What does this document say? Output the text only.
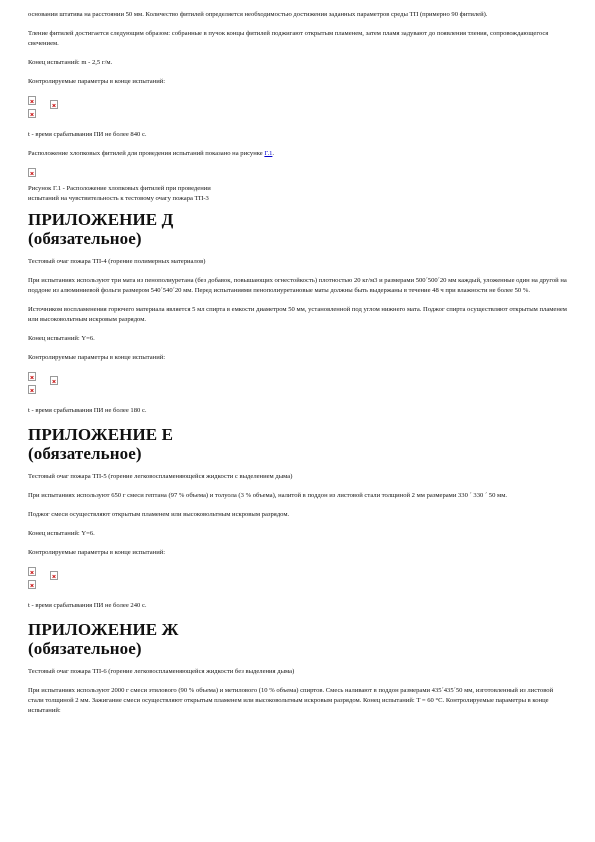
основании штатива на расстоянии 50 мм. Количество фитилей определяется необходимостью достижения заданных параметров среды ТП (примерно 90 фитилей).

Тление фитилей достигается следующим образом: собранные в пучок концы фитилей поджигают открытым пламенем, затем пламя задувают до появления тления, сопровождающегося свечением.

Конец испытаний: m - 2,5 г/м.

Контролируемые параметры в конце испытаний:

t - время срабатывания ПИ не более 840 с.

Расположение хлопковых фитилей для проведения испытаний показано на рисунке Г.1.

Рисунок Г.1 - Расположение хлопковых фитилей при проведении
испытаний на чувствительность к тестовому очагу пожара ТП-3

ПРИЛОЖЕНИЕ Д
(обязательное)

Тестовый очаг пожара ТП-4 (горение полимерных материалов)

При испытаниях используют три мата из пенополиуретана (без добавок, повышающих огнестойкость) плотностью 20 кг/м3 и размерами 500´500´20 мм каждый, уложенные один на другой на поддоне из алюминиевой фольги размером 540´540´20 мм. Перед испытаниями пенополиуретановые маты должны быть выдержаны в течение 48 ч при влажности не более 50 %.

Источником воспламенения горючего материала является 5 мл спирта в емкости диаметром 50 мм, установленной под углом нижнего мата. Поджог спирта осуществляют открытым пламенем или высоковольтным искровым разрядом.

Конец испытаний: Y=6.

Контролируемые параметры в конце испытаний:

t - время срабатывания ПИ не более 180 с.

ПРИЛОЖЕНИЕ Е
(обязательное)

Тестовый очаг пожара ТП-5 (горение легковоспламеняющейся жидкости с выделением дыма)

При испытаниях используют 650 г смеси гептана (97 % объема) и толуола (3 % объема), налитой в поддон из листовой стали толщиной 2 мм размерами 330 ´ 330 ´ 50 мм.

Поджог смеси осуществляют открытым пламенем или высоковольтным искровым разрядом.

Конец испытаний: Y=6.

Контролируемые параметры в конце испытаний:

t - время срабатывания ПИ не более 240 с.

ПРИЛОЖЕНИЕ Ж
(обязательное)

Тестовый очаг пожара ТП-6 (горение легковоспламеняющейся жидкости без выделения дыма)

При испытаниях используют 2000 г смеси этилового (90 % объема) и метилового (10 % объема) спиртов. Смесь наливают в поддон размерами 435´435´50 мм, изготовленный из листовой стали толщиной 2 мм. Зажигание смеси осуществляют открытым пламенем или высоковольтным искровым разрядом. Конец испытаний: T = 60 °С. Контролируемые параметры в конце испытаний:
